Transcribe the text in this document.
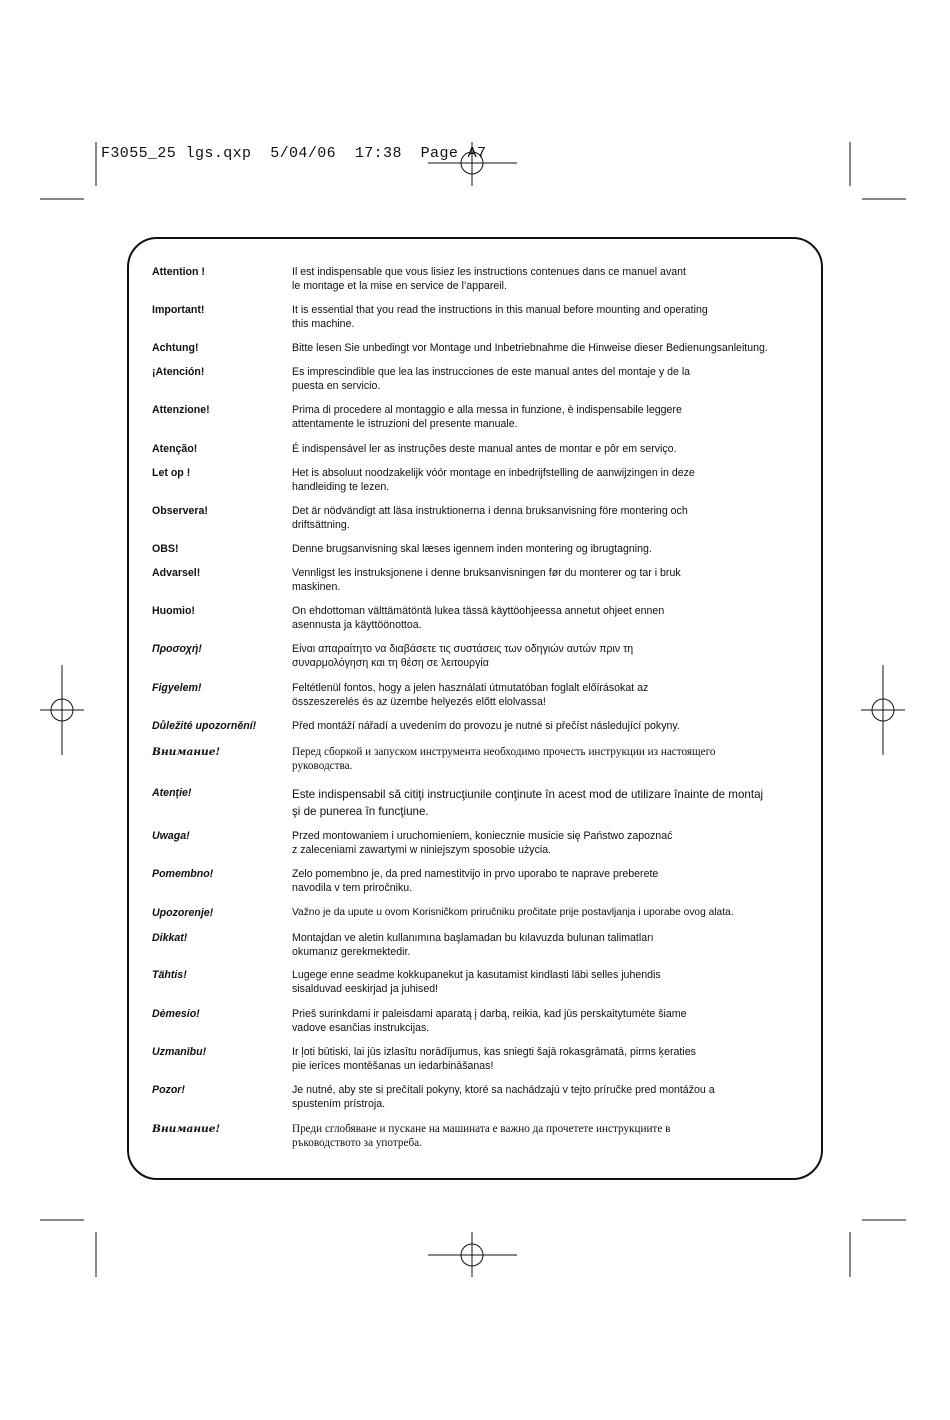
F3055_25 lgs.qxp  5/04/06  17:38  Page A7
Attention !	Il est indispensable que vous lisiez les instructions contenues dans ce manuel avant
le montage et la mise en service de l’appareil.
Important!	It is essential that you read the instructions in this manual before mounting and operating
this machine.
Achtung!	Bitte lesen Sie unbedingt vor Montage und Inbetriebnahme die Hinweise dieser Bedienungsanleitung.
¡Atención!	Es imprescindible que lea las instrucciones de este manual antes del montaje y de la
puesta en servicio.
Attenzione!	Prima di procedere al montaggio e alla messa in funzione, è indispensabile leggere
attentamente le istruzioni del presente manuale.
Atenção!	É indispensável ler as instruções deste manual antes de montar e pôr em serviço.
Let op !	Het is absoluut noodzakelijk vóór montage en inbedrijfstelling de aanwijzingen in deze
handleiding te lezen.
Observera!	Det är nödvändigt att läsa instruktionerna i denna bruksanvisning före montering och
driftsättning.
OBS!	Denne brugsanvisning skal læses igennem inden montering og ibrugtagning.
Advarsel!	Vennligst les instruksjonene i denne bruksanvisningen før du monterer og tar i bruk
maskinen.
Huomio!	On ehdottoman välttämätöntä lukea tässä käyttöohjeessa annetut ohjeet ennen
asennusta ja käyttöönottoa.
Προσοχή!	Είναι απαραίτητο να διαβάσετε τις συστάσεις των οδηγιών αυτών πριν τη
συναρμολόγηση και τη θέση σε λειτουργία
Figyelem!	Feltétlenül fontos, hogy a jelen használati útmutatóban foglalt előírásokat az
összeszerelés és az üzembe helyezés előtt elolvassa!
Důležité upozornění!	Před montáží nářadí a uvedením do provozu je nutné si přečíst následující pokyny.
Внимание!	Перед сборкой и запуском инструмента необходимо прочесть инструкции из настоящего
руководства.
Atenţie!	Este indispensabil să citiţi instrucţiunile conţinute în acest mod de utilizare înainte de montaj
şi de punerea în funcţiune.
Uwaga!	Przed montowaniem i uruchomieniem, koniecznie musicie się Państwo zapoznać
z zaleceniami zawartymi w niniejszym sposobie użycia.
Pomembno!	Zelo pomembno je, da pred namestitvijo in prvo uporabo te naprave preberete
navodila v tem priročniku.
Upozorenje!	Važno je da upute u ovom Korisničkom priručniku pročitate prije postavljanja i uporabe ovog alata.
Dikkat!	Montajdan ve aletin kullanımına başlamadan bu kılavuzda bulunan talimatları
okumanız gerekmektedir.
Tähtis!	Lugege enne seadme kokkupanekut ja kasutamist kindlasti läbi selles juhendis
sisalduvad eeskirjad ja juhised!
Dėmesio!	Prieš surinkdami ir paleisdami aparatą į darbą, reikia, kad jūs perskaitytumėte šiame
vadove esančias instrukcijas.
Uzmanību!	Ir ļoti būtiski, lai jūs izlasītu norādījumus, kas sniegti šajā rokasgrāmatā, pirms ķeraties
pie ierīces montēšanas un iedarbināšanas!
Pozor!	Je nutné, aby ste si prečítali pokyny, ktoré sa nachádzajú v tejto príručke pred montážou a
spustením prístroja.
Внимание!	Преди сглобяване и пускане на машината е важно да прочетете инструкциите в
ръководството за употреба.
